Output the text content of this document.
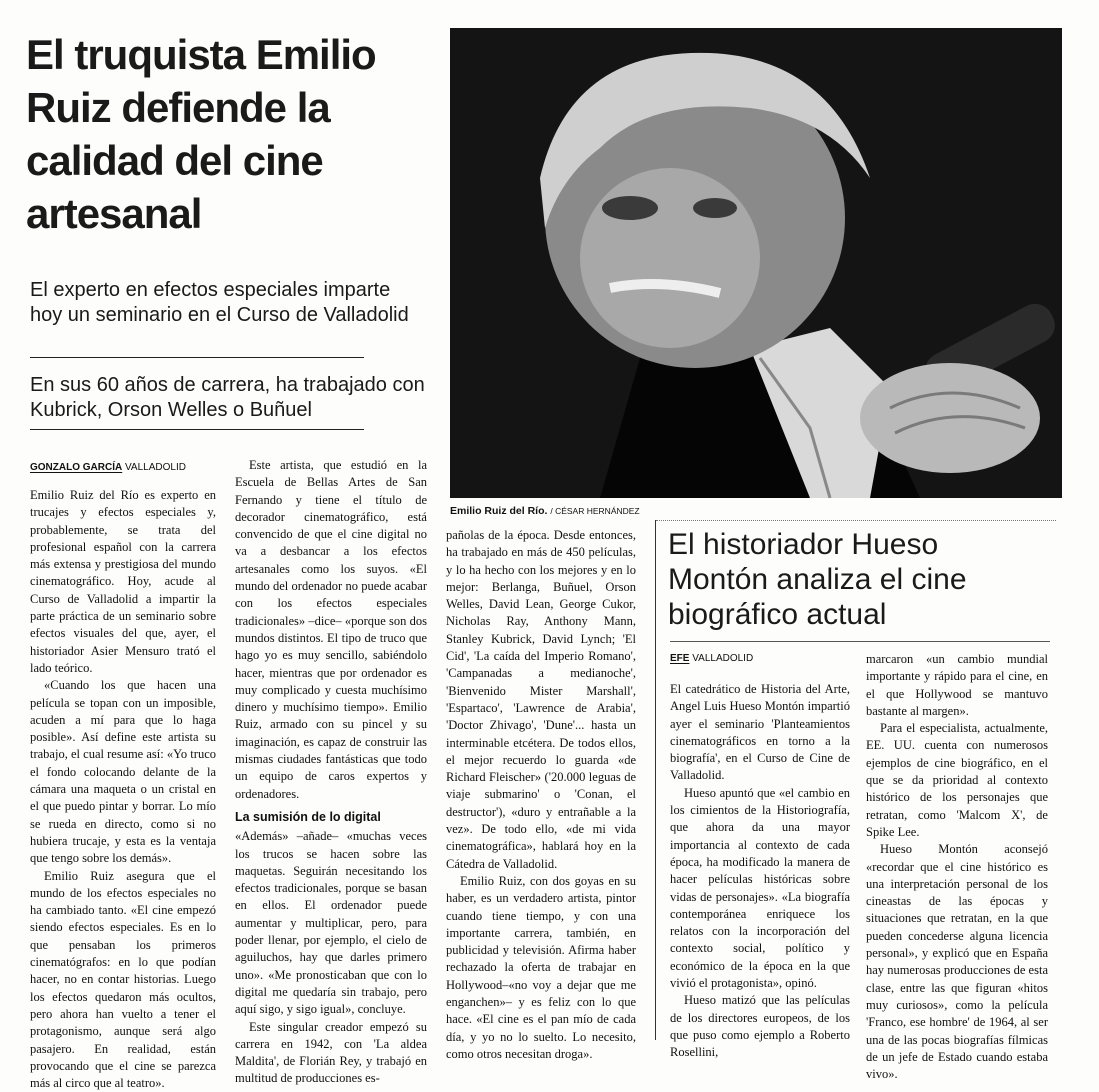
El truquista Emilio Ruiz defiende la calidad del cine artesanal
El experto en efectos especiales imparte hoy un seminario en el Curso de Valladolid
En sus 60 años de carrera, ha trabajado con Kubrick, Orson Welles o Buñuel
GONZALO GARCÍA VALLADOLID

Emilio Ruiz del Río es experto en trucajes y efectos especiales y, probablemente, se trata del profesional español con la carrera más extensa y prestigiosa del mundo cinematográfico. Hoy, acude al Curso de Valladolid a impartir la parte práctica de un seminario sobre efectos visuales del que, ayer, el historiador Asier Mensuro trató el lado teórico.

«Cuando los que hacen una película se topan con un imposible, acuden a mí para que lo haga posible». Así define este artista su trabajo, el cual resume así: «Yo truco el fondo colocando delante de la cámara una maqueta o un cristal en el que puedo pintar y borrar. Lo mío se rueda en directo, como si no hubiera trucaje, y esta es la ventaja que tengo sobre los demás».

Emilio Ruiz asegura que el mundo de los efectos especiales no ha cambiado tanto. «El cine empezó siendo efectos especiales. Es en lo que pensaban los primeros cinematógrafos: en lo que podían hacer, no en contar historias. Luego los efectos quedaron más ocultos, pero ahora han vuelto a tener el protagonismo, aunque será algo pasajero. En realidad, están provocando que el cine se parezca más al circo que al teatro».

Este artista, que estudió en la Escuela de Bellas Artes de San Fernando y tiene el título de decorador cinematográfico, está convencido de que el cine digital no va a desbancar a los efectos artesanales como los suyos. «El mundo del ordenador no puede acabar con los efectos especiales tradicionales» –dice– «porque son dos mundos distintos. El tipo de truco que hago yo es muy sencillo, sabiéndolo hacer, mientras que por ordenador es muy complicado y cuesta muchísimo dinero y muchísimo tiempo». Emilio Ruiz, armado con su pincel y su imaginación, es capaz de construir las mismas ciudades fantásticas que todo un equipo de caros expertos y ordenadores.

La sumisión de lo digital

«Además» –añade– «muchas veces los trucos se hacen sobre las maquetas. Seguirán necesitando los efectos tradicionales, porque se basan en ellos. El ordenador puede aumentar y multiplicar, pero, para poder llenar, por ejemplo, el cielo de aguiluchos, hay que darles primero uno». «Me pronosticaban que con lo digital me quedaría sin trabajo, pero aquí sigo, y sigo igual», concluye.

Este singular creador empezó su carrera en 1942, con 'La aldea Maldita', de Florián Rey, y trabajó en multitud de producciones es-

pañolas de la época. Desde entonces, ha trabajado en más de 450 películas, y lo ha hecho con los mejores y en lo mejor: Berlanga, Buñuel, Orson Welles, David Lean, George Cukor, Nicholas Ray, Anthony Mann, Stanley Kubrick, David Lynch; 'El Cid', 'La caída del Imperio Romano', 'Campanadas a medianoche', 'Bienvenido Mister Marshall', 'Espartaco', 'Lawrence de Arabia', 'Doctor Zhivago', 'Dune'... hasta un interminable etcétera. De todos ellos, el mejor recuerdo lo guarda «de Richard Fleischer» ('20.000 leguas de viaje submarino' o 'Conan, el destructor'), «duro y entrañable a la vez». De todo ello, «de mi vida cinematográfica», hablará hoy en la Cátedra de Valladolid.

Emilio Ruiz, con dos goyas en su haber, es un verdadero artista, pintor cuando tiene tiempo, y con una importante carrera, también, en publicidad y televisión. Afirma haber rechazado la oferta de trabajar en Hollywood–«no voy a dejar que me enganchen»– y es feliz con lo que hace. «El cine es el pan mío de cada día, y yo no lo suelto. Lo necesito, como otros necesitan droga».

Emilio Ruiz del Río. / CÉSAR HERNÁNDEZ
El historiador Hueso Montón analiza el cine biográfico actual
EFE VALLADOLID

El catedrático de Historia del Arte, Angel Luis Hueso Montón impartió ayer el seminario 'Planteamientos cinematográficos en torno a la biografía', en el Curso de Cine de Valladolid.

Hueso apuntó que «el cambio en los cimientos de la Historiografía, que ahora da una mayor importancia al contexto de cada época, ha modificado la manera de hacer películas históricas sobre vidas de personajes». «La biografía contemporánea enriquece los relatos con la incorporación del contexto social, político y económico de la época en la que vivió el protagonista», opinó.

Hueso matizó que las películas de los directores europeos, de los que puso como ejemplo a Roberto Rosellini,

marcaron «un cambio mundial importante y rápido para el cine, en el que Hollywood se mantuvo bastante al margen».

Para el especialista, actualmente, EE. UU. cuenta con numerosos ejemplos de cine biográfico, en el que se da prioridad al contexto histórico de los personajes que retratan, como 'Malcom X', de Spike Lee.

Hueso Montón aconsejó «recordar que el cine histórico es una interpretación personal de los cineastas de las épocas y situaciones que retratan, en la que pueden concederse alguna licencia personal», y explicó que en España hay numerosas producciones de esta clase, entre las que figuran «hitos muy curiosos», como la película 'Franco, ese hombre' de 1964, al ser una de las pocas biografías fílmicas de un jefe de Estado cuando estaba vivo».
